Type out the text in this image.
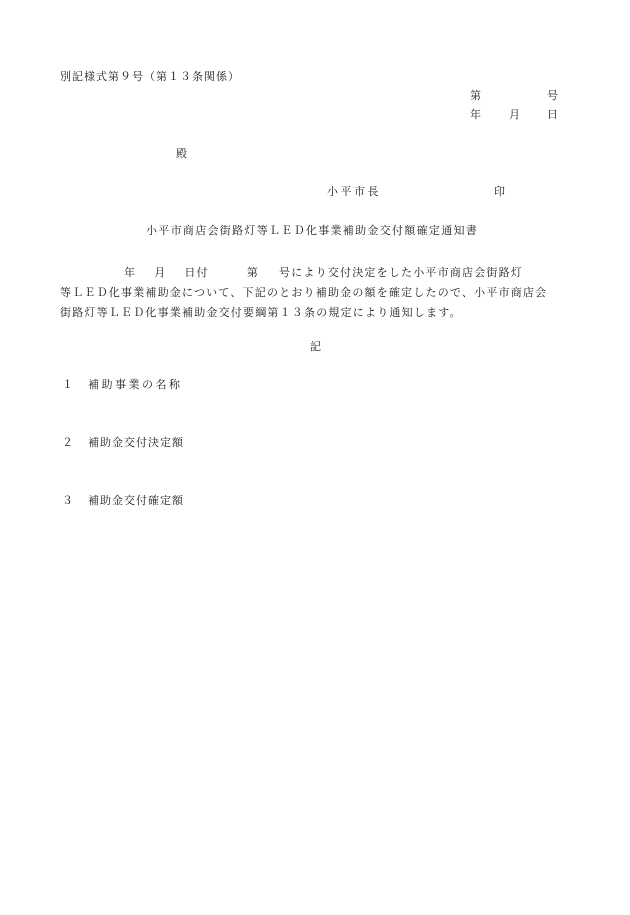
別記様式第９号（第１３条関係）
第	号
年 月 日
殿
小平市長	印
小平市商店会街路灯等ＬＥＤ化事業補助金交付額確定通知書
年 月 日付	第 号により交付決定をした小平市商店会街路灯
等ＬＥＤ化事業補助金について、下記のとおり補助金の額を確定したので、小平市商店会
街路灯等ＬＥＤ化事業補助金交付要綱第１３条の規定により通知します。
記
１ 補助事業の名称
２ 補助金交付決定額
３ 補助金交付確定額
